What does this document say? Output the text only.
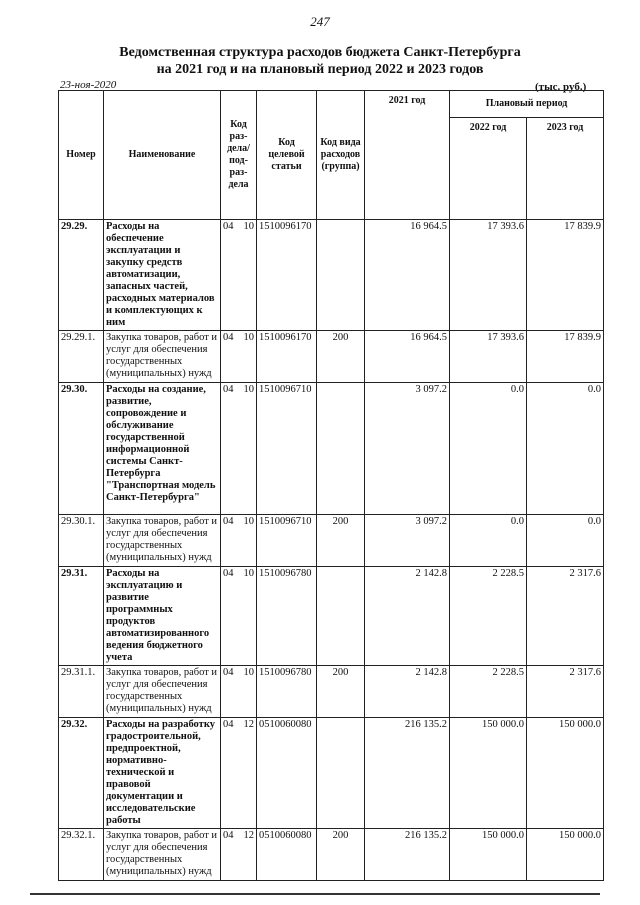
247
Ведомственная структура расходов бюджета Санкт-Петербурга
на 2021 год и на плановый период 2022 и 2023 годов
23-ноя-2020	(тыс. руб.)
Номер	Наименование	Код раз-дела/ под-раз-дела		Код целевой статьи	Код вида расходов (группа)	2021 год	Плановый период	
							2022 год	2023 год
29.29.	Расходы на обеспечение эксплуатации и закупку средств автоматизации, запасных частей, расходных материалов и комплектующих к ним	04	10	1510096170		16 964.5	17 393.6	17 839.9
29.29.1.	Закупка товаров, работ и услуг для обеспечения государственных (муниципальных) нужд	04	10	1510096170	200	16 964.5	17 393.6	17 839.9
29.30.	Расходы на создание, развитие, сопровождение и обслуживание государственной информационной системы Санкт-Петербурга "Транспортная модель Санкт-Петербурга"	04	10	1510096710		3 097.2	0.0	0.0
29.30.1.	Закупка товаров, работ и услуг для обеспечения государственных (муниципальных) нужд	04	10	1510096710	200	3 097.2	0.0	0.0
29.31.	Расходы на эксплуатацию и развитие программных продуктов автоматизированного ведения бюджетного учета	04	10	1510096780		2 142.8	2 228.5	2 317.6
29.31.1.	Закупка товаров, работ и услуг для обеспечения государственных (муниципальных) нужд	04	10	1510096780	200	2 142.8	2 228.5	2 317.6
29.32.	Расходы на разработку градостроительной, предпроектной, нормативно-технической и правовой документации и исследовательские работы	04	12	0510060080		216 135.2	150 000.0	150 000.0
29.32.1.	Закупка товаров, работ и услуг для обеспечения государственных (муниципальных) нужд	04	12	0510060080	200	216 135.2	150 000.0	150 000.0
